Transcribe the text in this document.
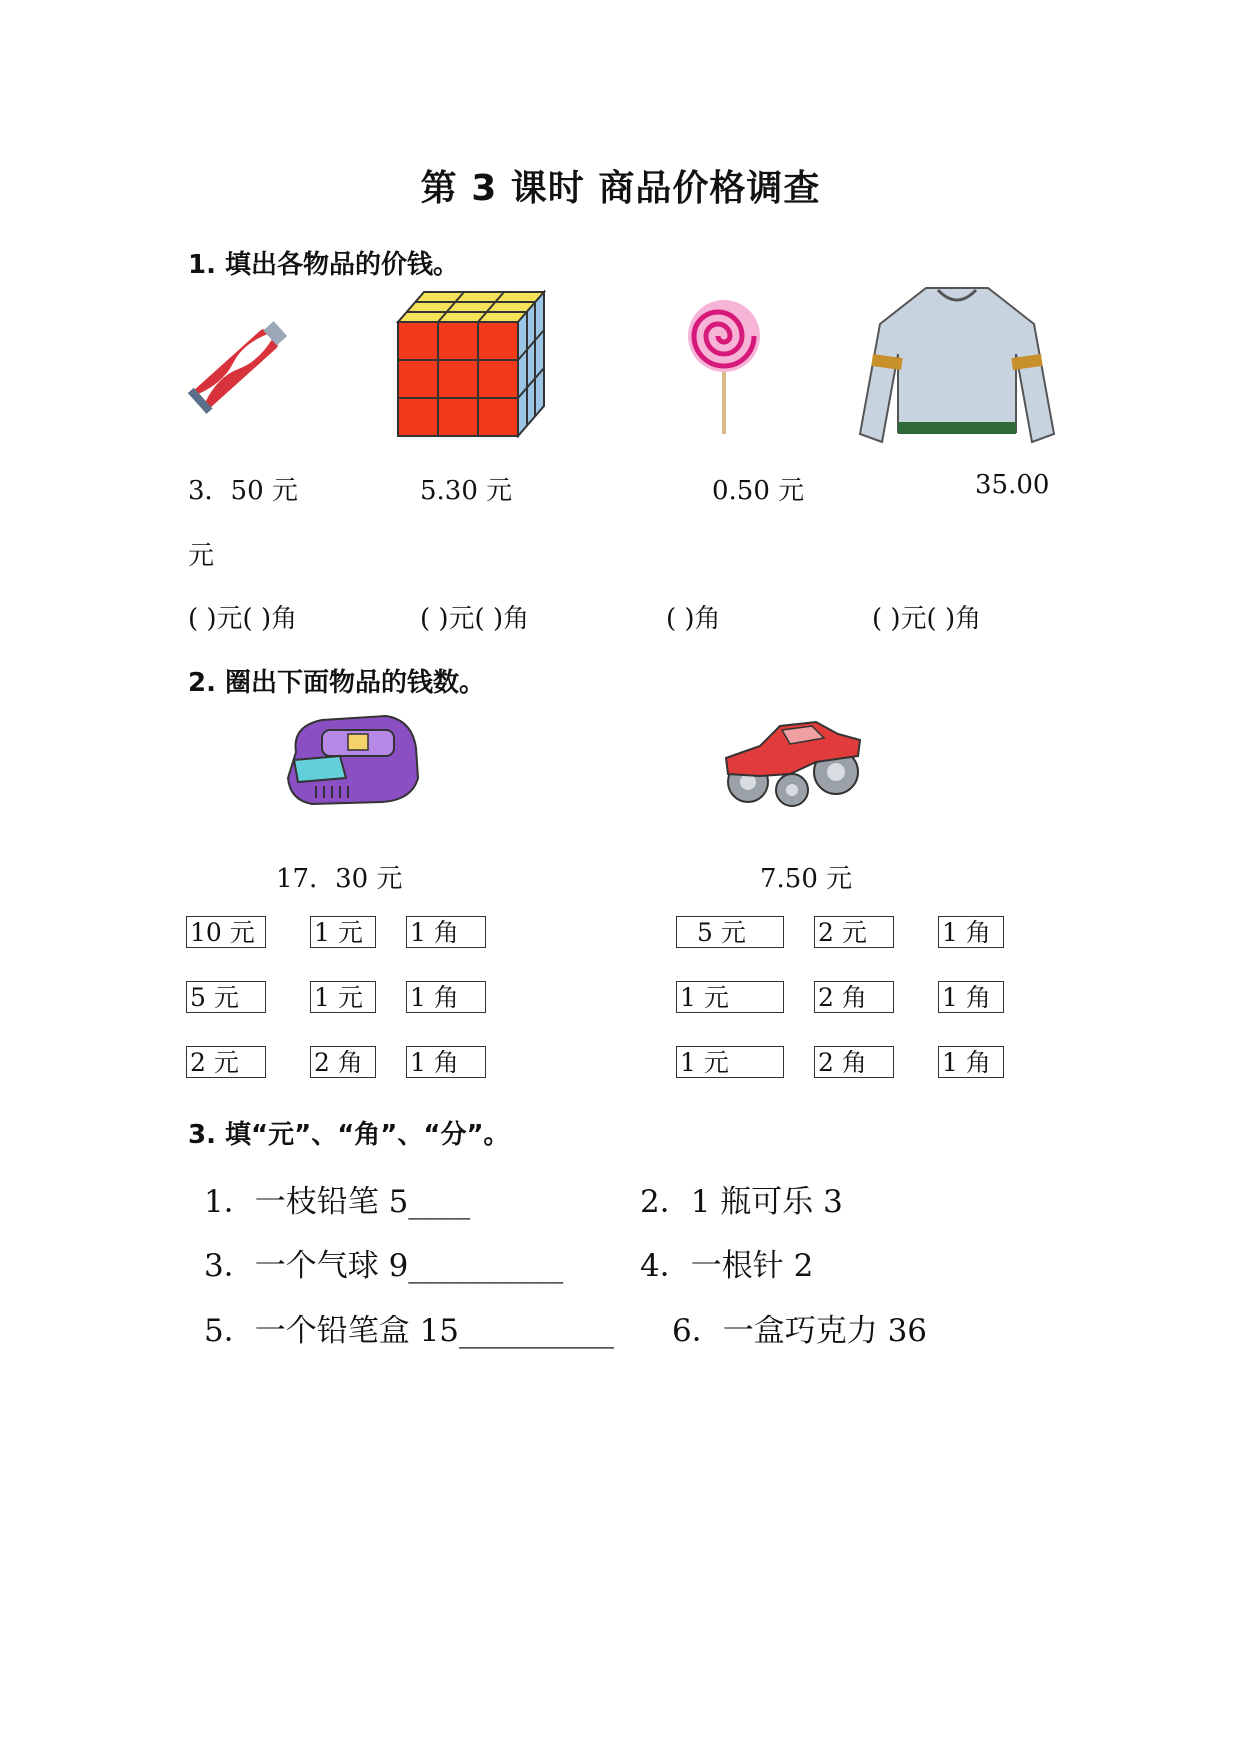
第 3 课时 商品价格调查
1. 填出各物品的价钱。
3．50 元	5.30 元	0.50 元	35.00
元
( )元( )角	( )元( )角	( )角	( )元( )角
2. 圈出下面物品的钱数。
17．30 元	7.50 元
10 元	1 元	1 角
5 元	1 元	1 角
2 元	2 角	1 角
5 元	2 元	1 角
1 元	2 角	1 角
1 元	2 角	1 角
3. 填“元”、“角”、“分”。
1．一枝铅笔 5____	2．1 瓶可乐 3
3．一个气球 9__________ 4．一根针 2
5．一个铅笔盒 15__________ 6．一盒巧克力 36
